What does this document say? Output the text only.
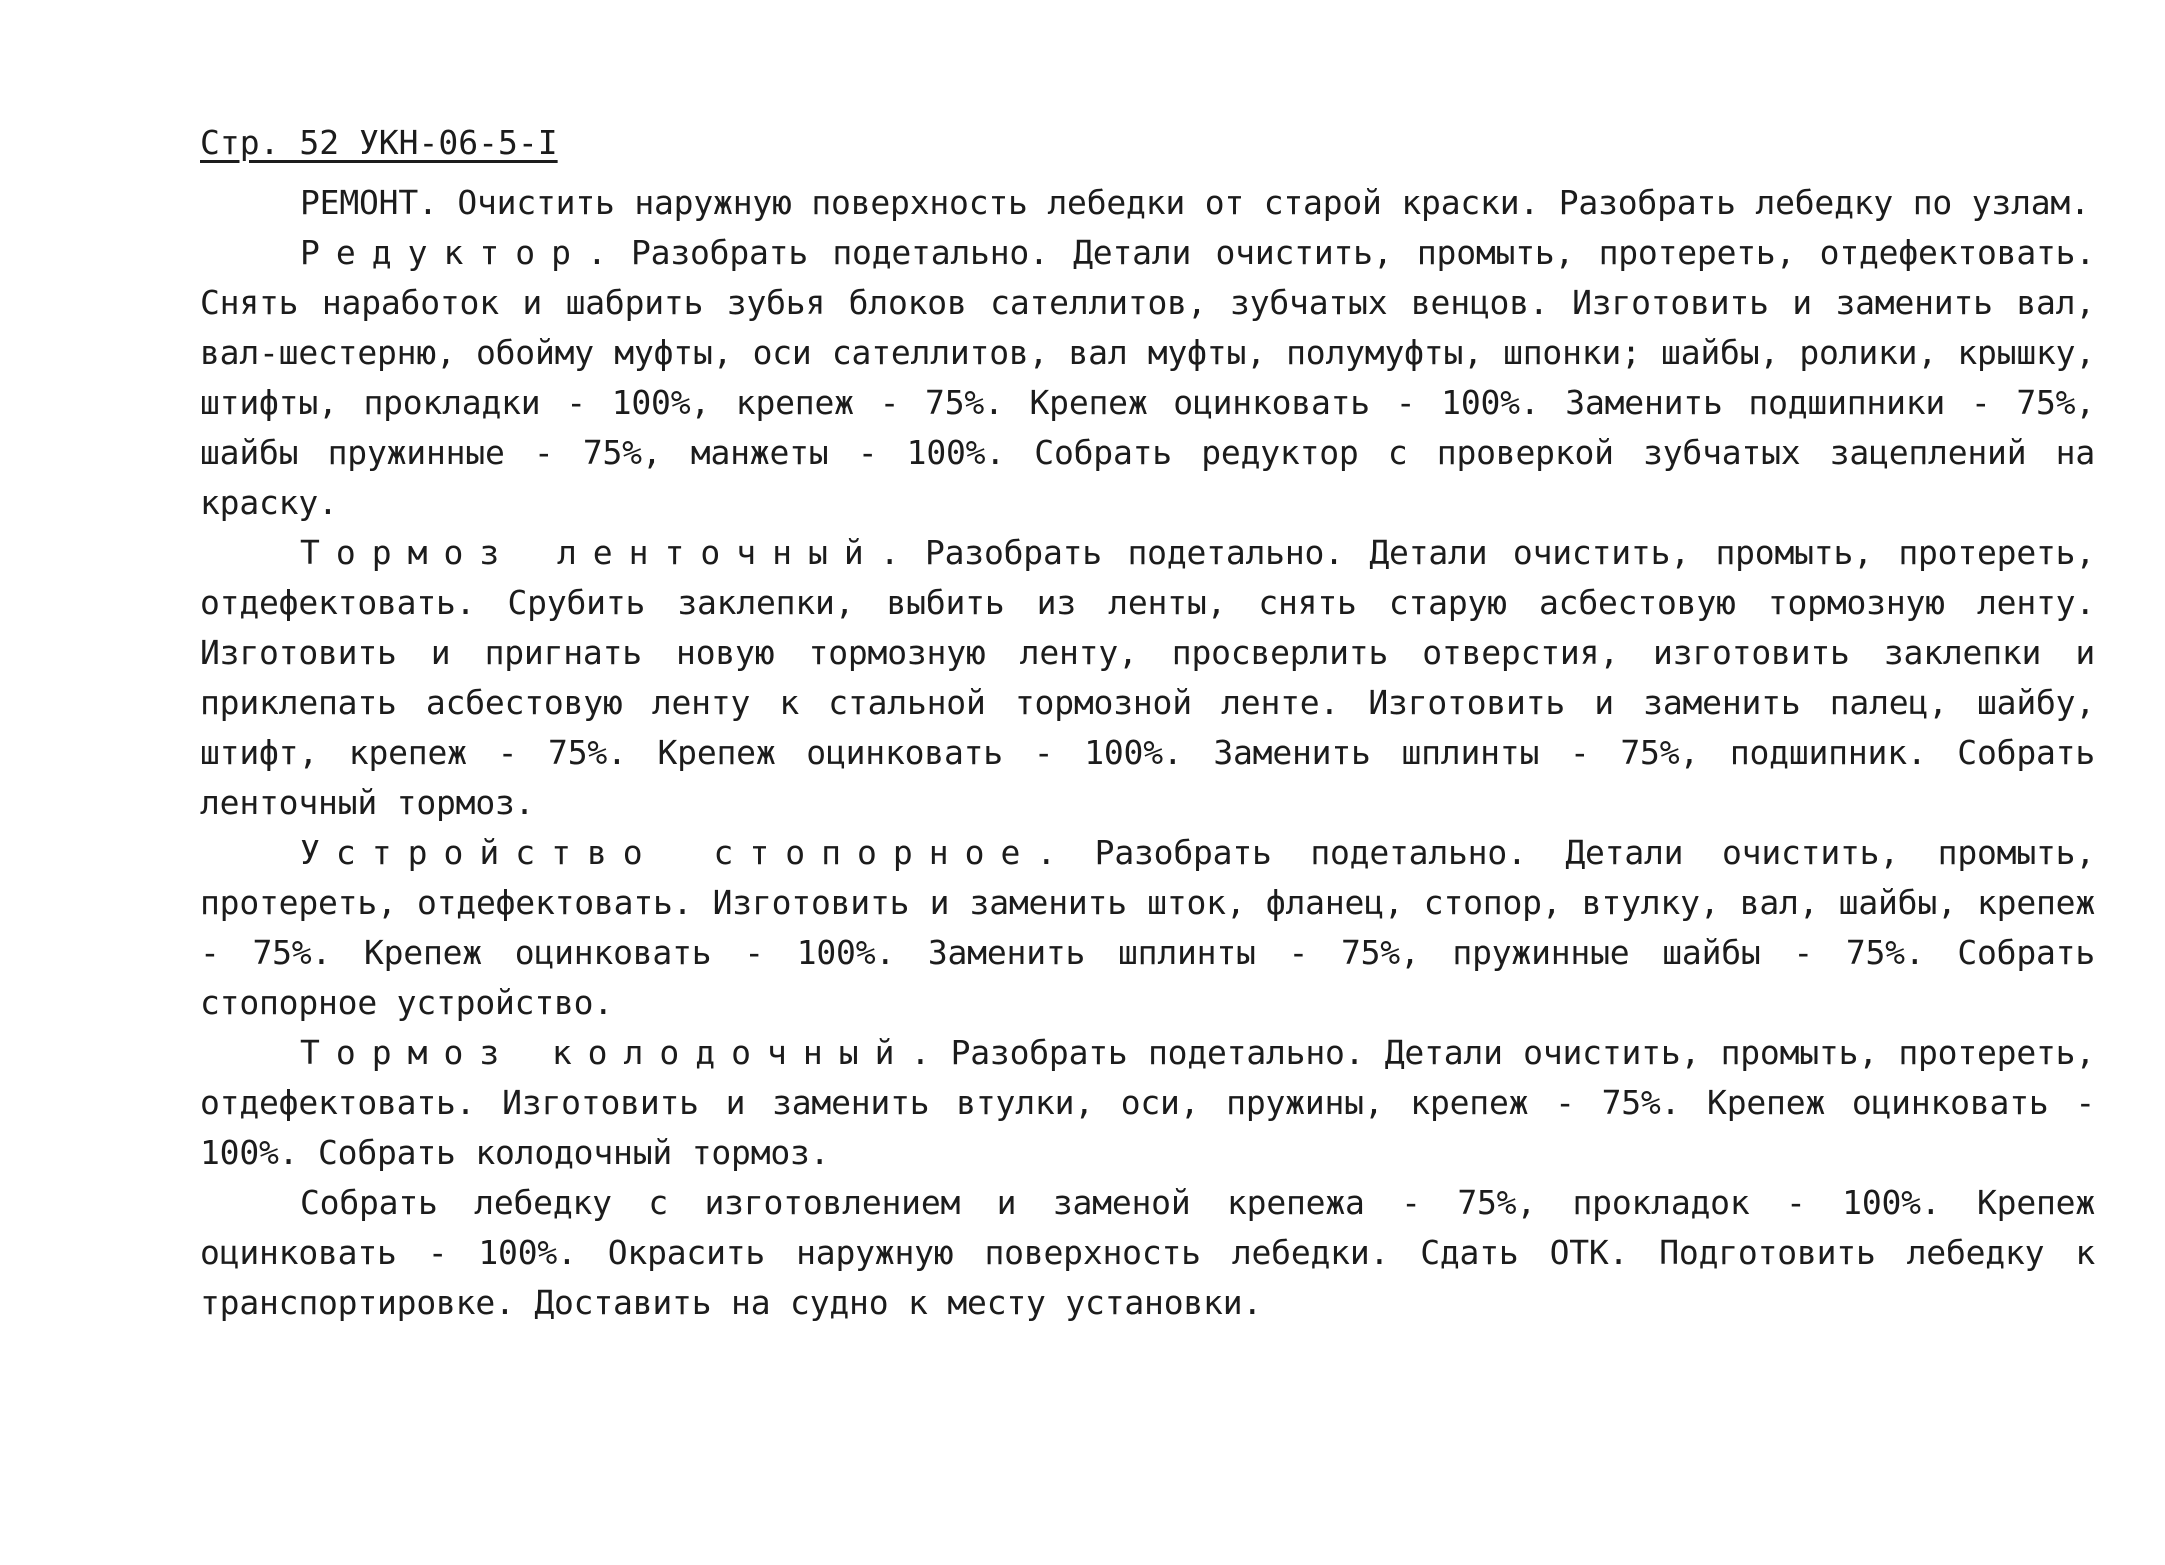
Стр. 52 УКН-06-5-I

РЕМОНТ. Очистить наружную поверхность лебедки от старой краски. Разобрать лебедку по узлам.

Редуктор. Разобрать подетально. Детали очистить, промыть, протереть, отдефектовать. Снять наработок и шабрить зубья блоков сателлитов, зубчатых венцов. Изготовить и заменить вал, вал-шестерню, обойму муфты, оси сателлитов, вал муфты, полумуфты, шпонки; шайбы, ролики, крышку, штифты, прокладки - 100%, крепеж - 75%. Крепеж оцинковать - 100%. Заменить подшипники - 75%, шайбы пружинные - 75%, манжеты - 100%. Собрать редуктор с проверкой зубчатых зацеплений на краску.

Тормоз ленточный. Разобрать подетально. Детали очистить, промыть, протереть, отдефектовать. Срубить заклепки, выбить из ленты, снять старую асбестовую тормозную ленту. Изготовить и пригнать новую тормозную ленту, просверлить отверстия, изготовить заклепки и приклепать асбестовую ленту к стальной тормозной ленте. Изготовить и заменить палец, шайбу, штифт, крепеж - 75%. Крепеж оцинковать - 100%. Заменить шплинты - 75%, подшипник. Собрать ленточный тормоз.

Устройство стопорное. Разобрать подетально. Детали очистить, промыть, протереть, отдефектовать. Изготовить и заменить шток, фланец, стопор, втулку, вал, шайбы, крепеж - 75%. Крепеж оцинковать - 100%. Заменить шплинты - 75%, пружинные шайбы - 75%. Собрать стопорное устройство.

Тормоз колодочный. Разобрать подетально. Детали очистить, промыть, протереть, отдефектовать. Изготовить и заменить втулки, оси, пружины, крепеж - 75%. Крепеж оцинковать - 100%. Собрать колодочный тормоз.

Собрать лебедку с изготовлением и заменой крепежа - 75%, прокладок - 100%. Крепеж оцинковать - 100%. Окрасить наружную поверхность лебедки. Сдать ОТК. Подготовить лебедку к транспортировке. Доставить на судно к месту установки.
